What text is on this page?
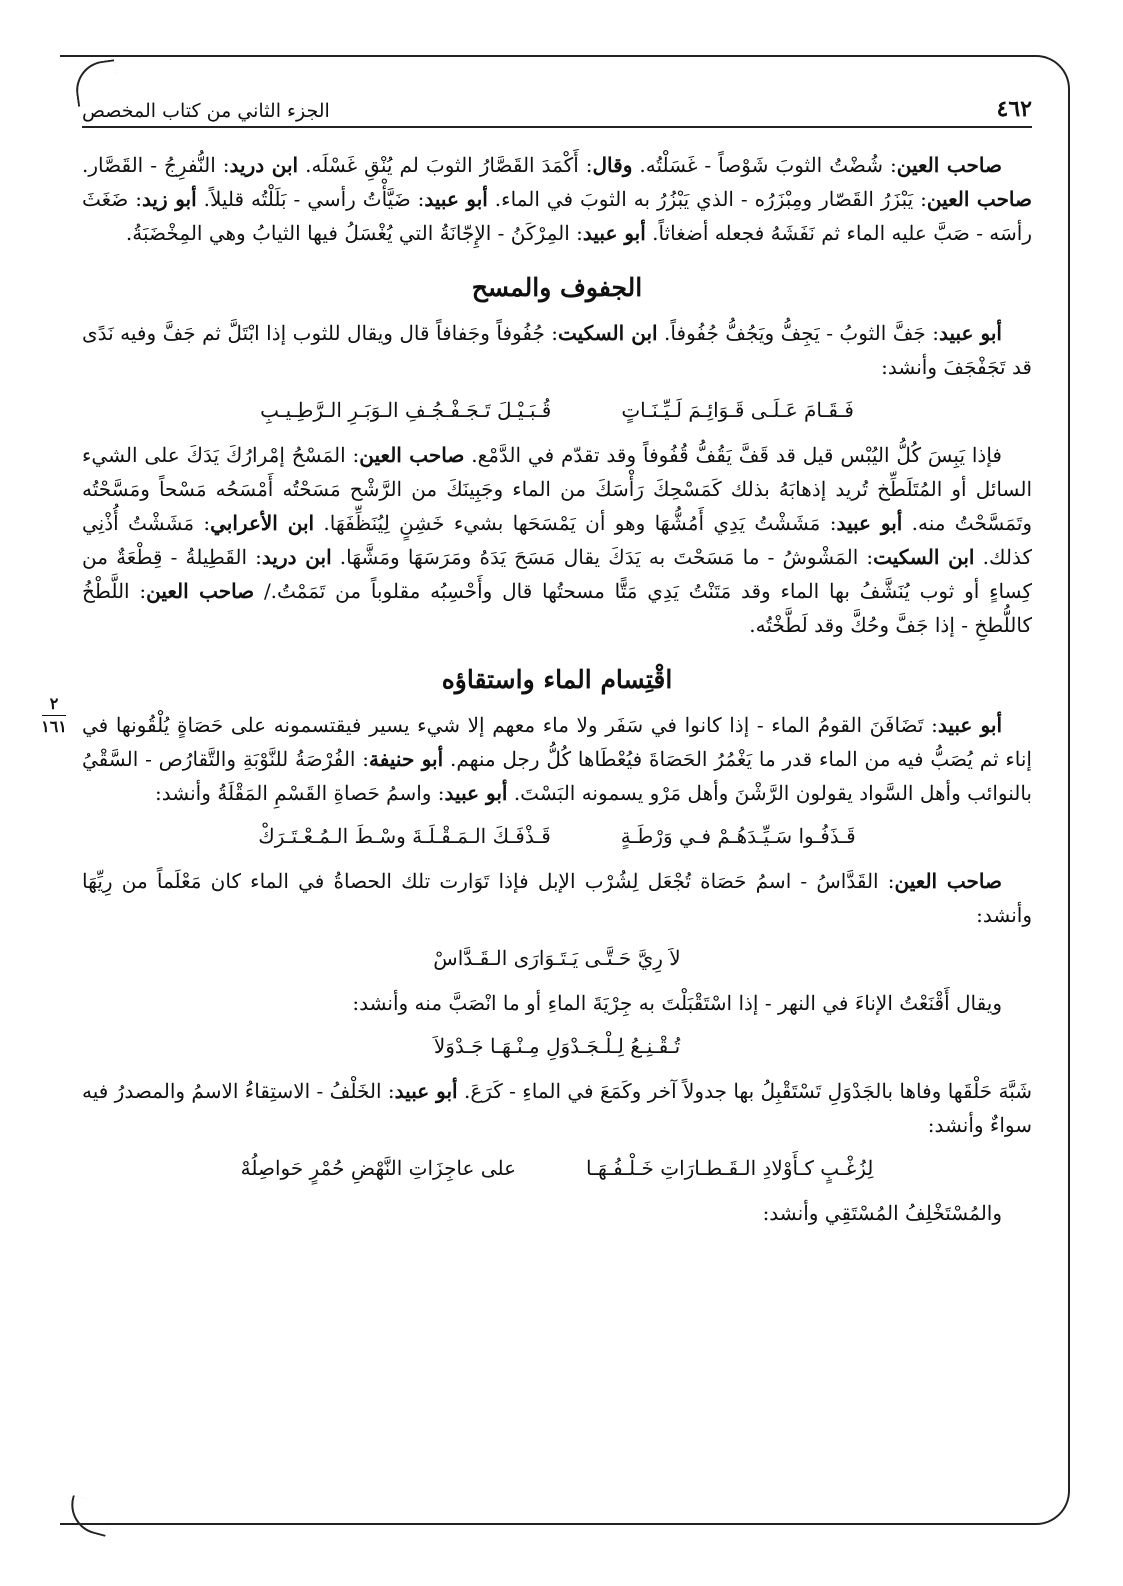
٤٦٢
الجزء الثاني من كتاب المخصص
٢
١٦١

صاحب العين: شُضْتُ الثوبَ شَوْصاً - غَسَلْتُه. وقال: أَكْمَدَ القَصَّارُ الثوبَ لم يُنْقِ غَسْلَه. ابن دريد: النُّفرِجُ - القَصَّار. صاحب العين: يَبْزَرُ القَصّار ومِبْزَرُه - الذي يَبْزُرُ به الثوبَ في الماء. أبو عبيد: ضَيَّأْتُ رأسي - بَلَلْتُه قليلاً. أبو زيد: ضَغَثَ رأسَه - صَبَّ عليه الماء ثم نَفَشَهُ فجعله أضغاثاً. أبو عبيد: المِرْكَنُ - الإِجّانَةُ التي يُغْسَلُ فيها الثيابُ وهي المِخْضَبَةُ.

الجفوف والمسح

أبو عبيد: جَفَّ الثوبُ - يَجِفُّ ويَجُفُّ جُفُوفاً. ابن السكيت: جُفُوفاً وجَفافاً قال ويقال للثوب إذا ابْتَلَّ ثم جَفَّ وفيه نَدًى قد تَجَفْجَفَ وأنشد:

فَـقَـامَ عَـلَـى قَـوَائِـمَ لَـيِّـنَـاتٍ
قُـبَـيْـلَ تَـجَـفْـجُـفِ الـوَبَـرِ الـرَّطِـيـبِ

فإذا يَبِسَ كُلُّ اليُبْس قيل قد قَفَّ يَقُفُّ قُفُوفاً وقد تقدّم في الدَّمْع. صاحب العين: المَسْحُ إمْرارُكَ يَدَكَ على الشيء السائل أو المُتَلَطِّخ تُريد إذهابَهُ بذلك كَمَسْحِكَ رَأْسَكَ من الماء وجَبِينَكَ من الرَّشْح مَسَحْتُه أَمْسَحُه مَسْحاً ومَسَّحْتُه وتَمَسَّحْتُ منه. أبو عبيد: مَشَشْتُ يَدِي أَمُشُّهَا وهو أن يَمْسَحَها بشيء خَشِنٍ لِيُنَظِّفَهَا. ابن الأعرابي: مَشَشْتُ أُذْنِي كذلك. ابن السكيت: المَشْوشُ - ما مَسَحْتَ به يَدَكَ يقال مَسَحَ يَدَهُ ومَرَسَهَا ومَشَّهَا. ابن دريد: القَطِيلةُ - قِطْعَةٌ من كِساءٍ أو ثوب يُنَشَّفُ بها الماء وقد مَتَنْتُ يَدِي مَتًّا مسحتُها قال وأَحْسِبُه مقلوباً من تَمَمْتُ./ صاحب العين: اللَّطْخُ كاللُّطخِ - إذا جَفَّ وحُكَّ وقد لَطَّخْتُه.

اقْتِسام الماء واستقاؤه

أبو عبيد: تَضَافَنَ القومُ الماء - إذا كانوا في سَفَر ولا ماء معهم إلا شيء يسير فيقتسمونه على حَصَاةٍ يُلْقُونها في إناء ثم يُصَبُّ فيه من الماء قدر ما يَغْمُرُ الحَصَاةَ فيُعْطَاها كُلُّ رجل منهم. أبو حنيفة: الفُرْصَةُ للنَّوْبَةِ والتَّقارُص - السَّقْيُ بالنوائب وأهل السَّواد يقولون الرَّشْنَ وأهل مَرْو يسمونه البَسْتَ. أبو عبيد: واسمُ حَصاةِ القَسْمِ المَقْلَةُ وأنشد:

قَـذَفُـوا سَـيِّـدَهُـمْ فـي وَرْطَـةٍ
قَـذْفَـكَ الـمَـقْـلَـةَ وسْـطَ الـمُـعْـتَـرَكْ

صاحب العين: القَدَّاسُ - اسمُ حَصَاة تُجْعَل لِشُرْب الإبل فإذا تَوَارت تلك الحصاةُ في الماء كان مَعْلَماً من رِيِّهَا وأنشد:

لاَ رِيَّ حَـتَّـى يَـتَـوَارَى الـقَـدَّاسْ

ويقال أَقْنَعْتُ الإناءَ في النهر - إذا اسْتَقْبَلْتَ به جِرْيَةَ الماءِ أو ما انْصَبَّ منه وأنشد:

تُـقْـنِـعُ لِـلْـجَـدْوَلِ مِـنْـهَـا جَـدْوَلاَ

شَبَّهَ حَلْقَها وفاها بالجَدْوَلِ تَسْتَقْبِلُ بها جدولاً آخر وكَمَعَ في الماءِ - كَرَعَ. أبو عبيد: الخَلْفُ - الاستِقاءُ الاسمُ والمصدرُ فيه سواءٌ وأنشد:

لِزُغْـبٍ كـأَوْلادِ الـقَـطـارَاتِ خَـلْـفُـهَـا
على عاجِزَاتِ النَّهْضِ حُمْرٍ حَواصِلُهْ

والمُسْتَخْلِفُ المُسْتَقِي وأنشد:
